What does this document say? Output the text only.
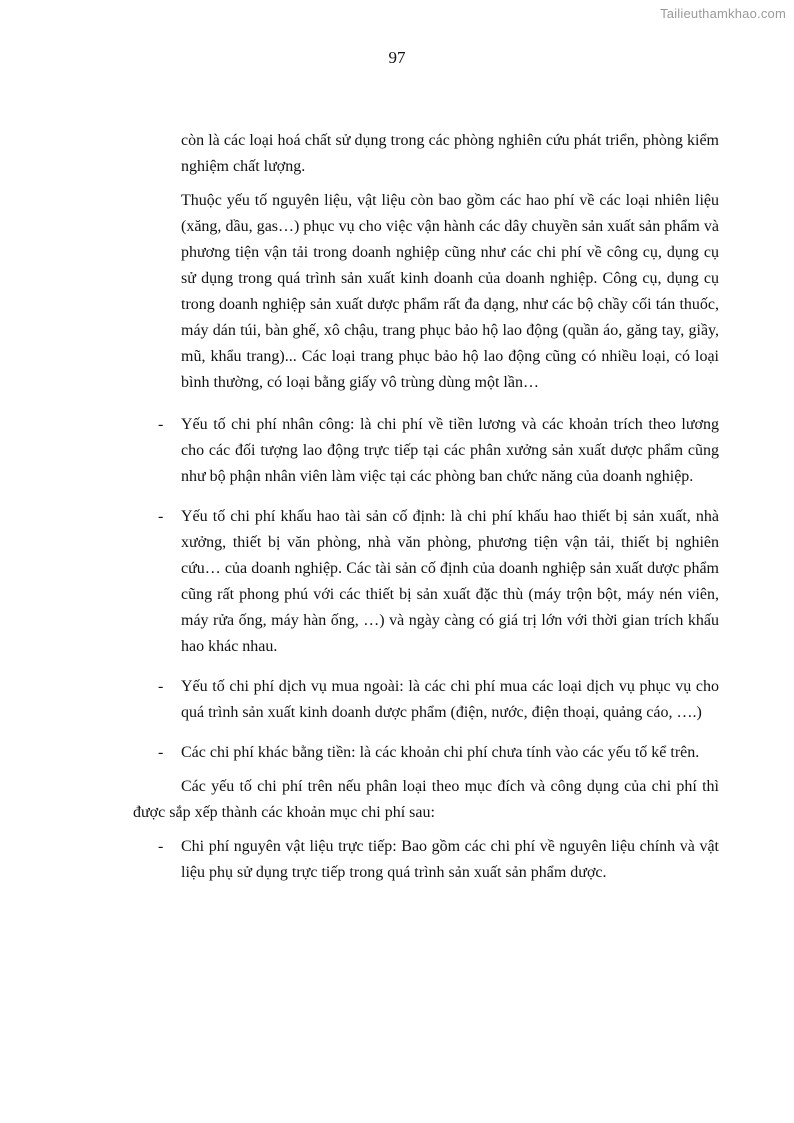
Tailieuthamkhao.com
97

còn là các loại hoá chất sử dụng trong các phòng nghiên cứu phát triển, phòng kiểm nghiệm chất lượng.

Thuộc yếu tố nguyên liệu, vật liệu còn bao gồm các hao phí về các loại nhiên liệu (xăng, dầu, gas…) phục vụ cho việc vận hành các dây chuyền sản xuất sản phẩm và phương tiện vận tải trong doanh nghiệp cũng như các chi phí về công cụ, dụng cụ sử dụng trong quá trình sản xuất kinh doanh của doanh nghiệp. Công cụ, dụng cụ trong doanh nghiệp sản xuất dược phẩm rất đa dạng, như các bộ chầy cối tán thuốc, máy dán túi, bàn ghế, xô chậu, trang phục bảo hộ lao động (quần áo, găng tay, giầy, mũ, khẩu trang)... Các loại trang phục bảo hộ lao động cũng có nhiều loại, có loại bình thường, có loại bằng giấy vô trùng dùng một lần…

- Yếu tố chi phí nhân công: là chi phí về tiền lương và các khoản trích theo lương cho các đối tượng lao động trực tiếp tại các phân xưởng sản xuất dược phẩm cũng như bộ phận nhân viên làm việc tại các phòng ban chức năng của doanh nghiệp.
- Yếu tố chi phí khấu hao tài sản cố định: là chi phí khấu hao thiết bị sản xuất, nhà xưởng, thiết bị văn phòng, nhà văn phòng, phương tiện vận tải, thiết bị nghiên cứu… của doanh nghiệp. Các tài sản cố định của doanh nghiệp sản xuất dược phẩm cũng rất phong phú với các thiết bị sản xuất đặc thù (máy trộn bột, máy nén viên, máy rửa ống, máy hàn ống, …) và ngày càng có giá trị lớn với thời gian trích khấu hao khác nhau.
- Yếu tố chi phí dịch vụ mua ngoài: là các chi phí mua các loại dịch vụ phục vụ cho quá trình sản xuất kinh doanh dược phẩm (điện, nước, điện thoại, quảng cáo, ….)
- Các chi phí khác bằng tiền: là các khoản chi phí chưa tính vào các yếu tố kể trên.

Các yếu tố chi phí trên nếu phân loại theo mục đích và công dụng của chi phí thì được sắp xếp thành các khoản mục chi phí sau:

- Chi phí nguyên vật liệu trực tiếp: Bao gồm các chi phí về nguyên liệu chính và vật liệu phụ sử dụng trực tiếp trong quá trình sản xuất sản phẩm dược.
